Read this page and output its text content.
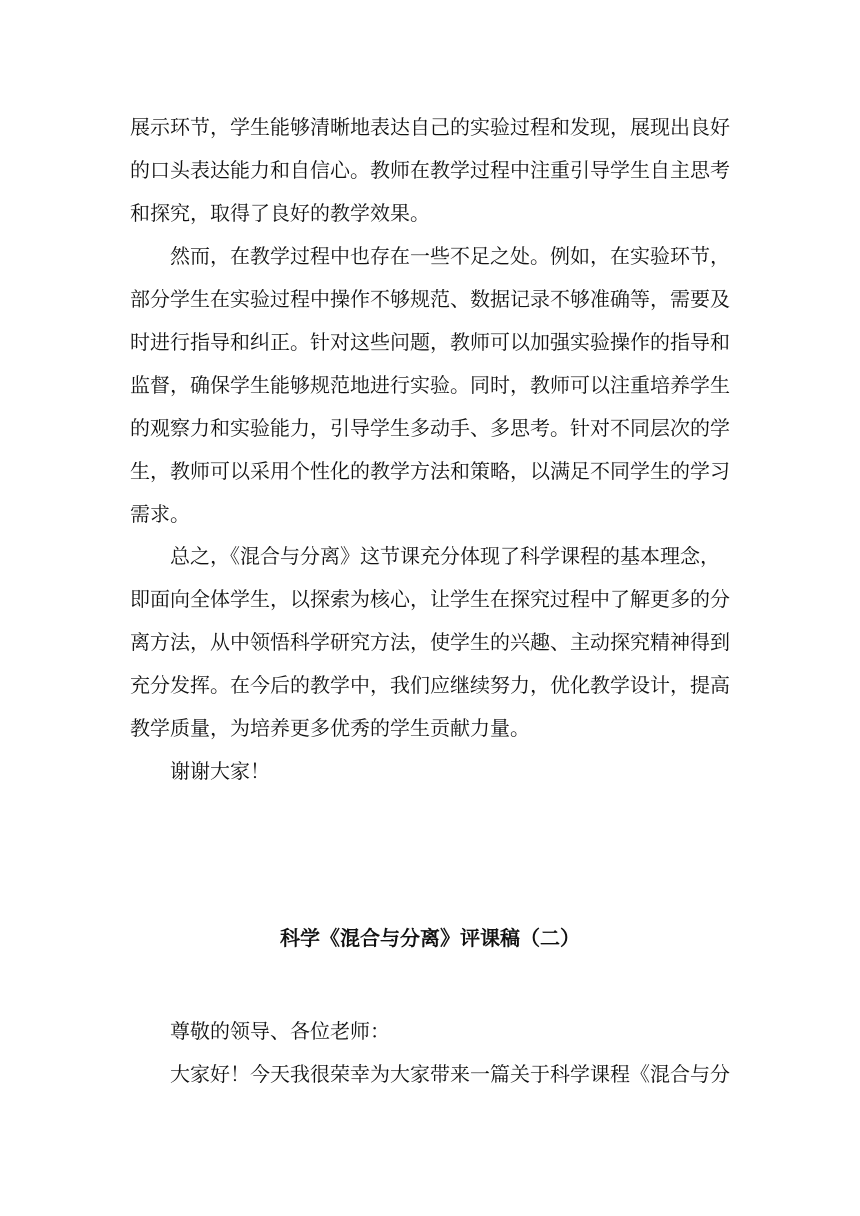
展示环节，学生能够清晰地表达自己的实验过程和发现，展现出良好
的口头表达能力和自信心。教师在教学过程中注重引导学生自主思考
和探究，取得了良好的教学效果。
然而，在教学过程中也存在一些不足之处。例如，在实验环节，
部分学生在实验过程中操作不够规范、数据记录不够准确等，需要及
时进行指导和纠正。针对这些问题，教师可以加强实验操作的指导和
监督，确保学生能够规范地进行实验。同时，教师可以注重培养学生
的观察力和实验能力，引导学生多动手、多思考。针对不同层次的学
生，教师可以采用个性化的教学方法和策略，以满足不同学生的学习
需求。
总之，《混合与分离》这节课充分体现了科学课程的基本理念，
即面向全体学生，以探索为核心，让学生在探究过程中了解更多的分
离方法，从中领悟科学研究方法，使学生的兴趣、主动探究精神得到
充分发挥。在今后的教学中，我们应继续努力，优化教学设计，提高
教学质量，为培养更多优秀的学生贡献力量。
谢谢大家！
科学《混合与分离》评课稿（二）
尊敬的领导、各位老师：
大家好！今天我很荣幸为大家带来一篇关于科学课程《混合与分
